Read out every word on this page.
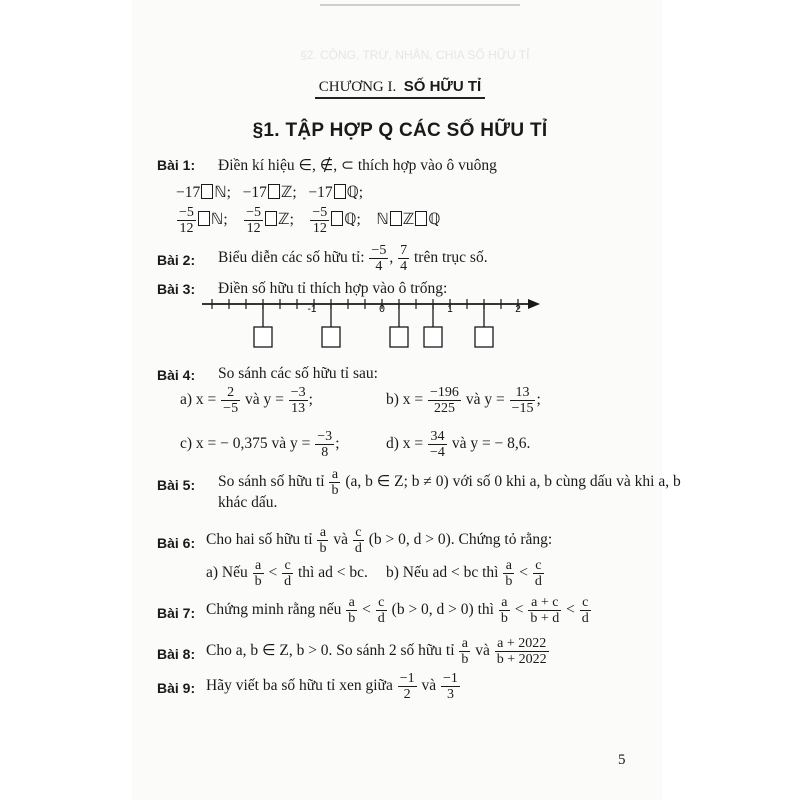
§2. CỘNG, TRỪ, NHÂN, CHIA SỐ HỮU TỈ
CHƯƠNG I. SỐ HỮU TỈ
§1. TẬP HỢP Q CÁC SỐ HỮU TỈ
Bài 1: Điền kí hiệu ∈, ∉, ⊂ thích hợp vào ô vuông
−17 ℕ; −17 ℤ; −17 ℚ;
$\frac{-5}{12}$ ℕ; $\frac{-5}{12}$ ℤ; $\frac{-5}{12}$ ℚ; ℕ ℤ ℚ
Bài 2: Biểu diễn các số hữu tỉ: $\frac{-5}{4}$ , $\frac{7}{4}$ trên trục số.
Bài 3: Điền số hữu tỉ thích hợp vào ô trống:
-1	0	1	2
Bài 4: So sánh các số hữu tỉ sau:
a) $x = \frac{2}{-5}$ và $y = \frac{-3}{13}$ ;	b) $x = \frac{-196}{225}$ và $y = \frac{13}{-15}$ ;
c) x = − 0,375 và $y = \frac{-3}{8}$ ;	d) $x = \frac{34}{-4}$ và y = − 8,6.
Bài 5: So sánh số hữu tỉ $\frac{a}{b} (a$, b ∈ Z; b ≠ 0) với số 0 khi a, b cùng dấu và khi a, b
khác dấu.
Bài 6: Cho hai số hữu tỉ $\frac{a}{b}$ và $\frac{c}{d} (b > 0$, d > 0). Chứng tỏ rằng:
a) Nếu $\frac{a}{b} < \frac{c}{d}$ thì ad < bc. b) Nếu ad < bc thì $\frac{a}{b} < \frac{c}{d}$
Bài 7: Chứng minh rằng nếu $\frac{a}{b} < \frac{c}{d} (b > 0$, d > 0) thì $\frac{a}{b} < \frac{a + c}{b + d} < \frac{c}{d}$
Bài 8: Cho a, b ∈ Z, b > 0. So sánh 2 số hữu tỉ $\frac{a}{b}$ và $\frac{a + 2022}{b + 2022}$
Bài 9: Hãy viết ba số hữu tỉ xen giữa $\frac{-1}{2}$ và $\frac{-1}{3}$
5
